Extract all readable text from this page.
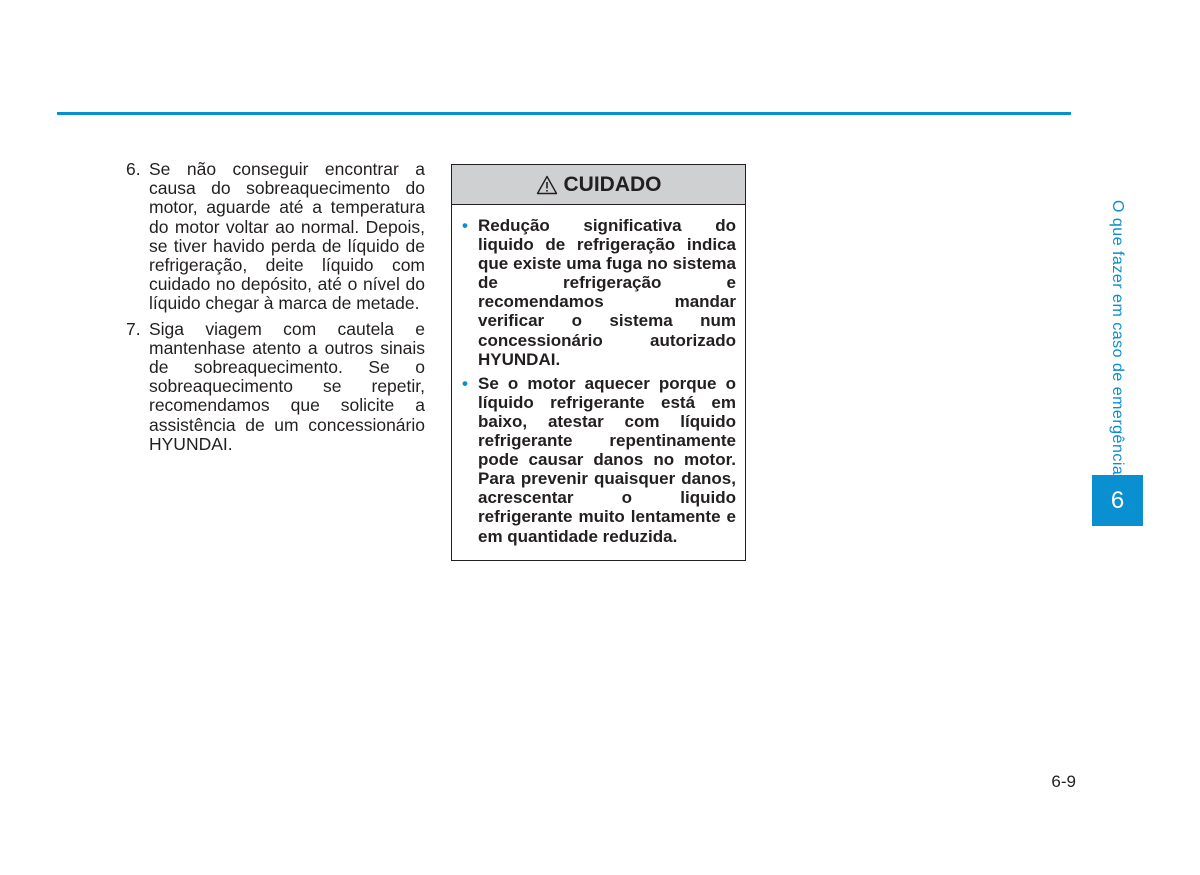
6. Se não conseguir encontrar a causa do sobreaquecimento do motor, aguarde até a temperatura do motor voltar ao normal. Depois, se tiver havido perda de líquido de refrigeração, deite líquido com cuidado no depósito, até o nível do líquido chegar à marca de metade.
7. Siga viagem com cautela e mantenhase atento a outros sinais de sobreaquecimento. Se o sobreaquecimento se repetir, recomendamos que solicite a assistência de um concessionário HYUNDAI.
CUIDADO
• Redução significativa do liquido de refrigeração indica que existe uma fuga no sistema de refrigeração e recomendamos mandar verificar o sistema num concessionário autorizado HYUNDAI.
• Se o motor aquecer porque o líquido refrigerante está em baixo, atestar com líquido refrigerante repentinamente pode causar danos no motor. Para prevenir quaisquer danos, acrescentar o liquido refrigerante muito lentamente e em quantidade reduzida.
O que fazer em caso de emergência
6
6-9
